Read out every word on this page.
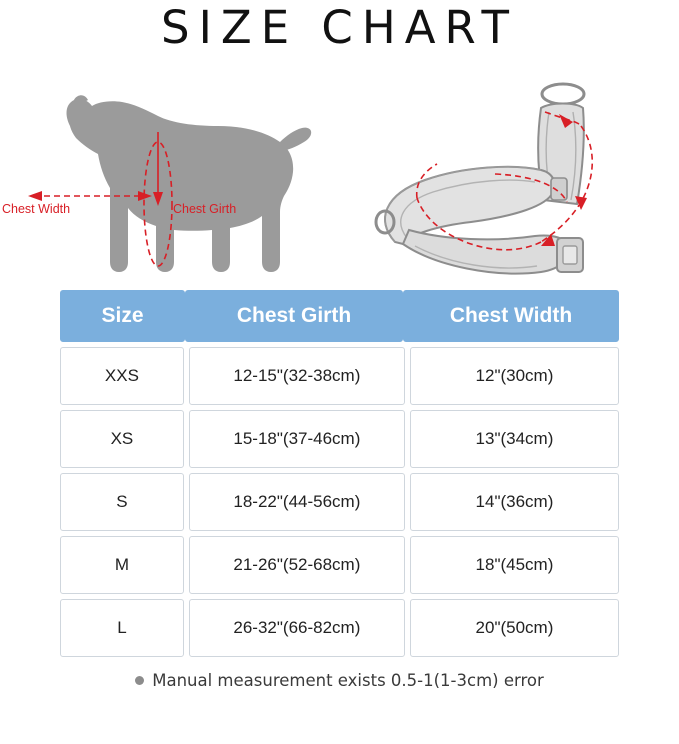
SIZE CHART
Chest Width	Chest Girth
Size	Chest Girth	Chest Width
XXS	12-15"(32-38cm)	12"(30cm)
XS	15-18"(37-46cm)	13"(34cm)
S	18-22"(44-56cm)	14"(36cm)
M	21-26"(52-68cm)	18"(45cm)
L	26-32"(66-82cm)	20"(50cm)
Manual measurement exists 0.5-1(1-3cm) error
